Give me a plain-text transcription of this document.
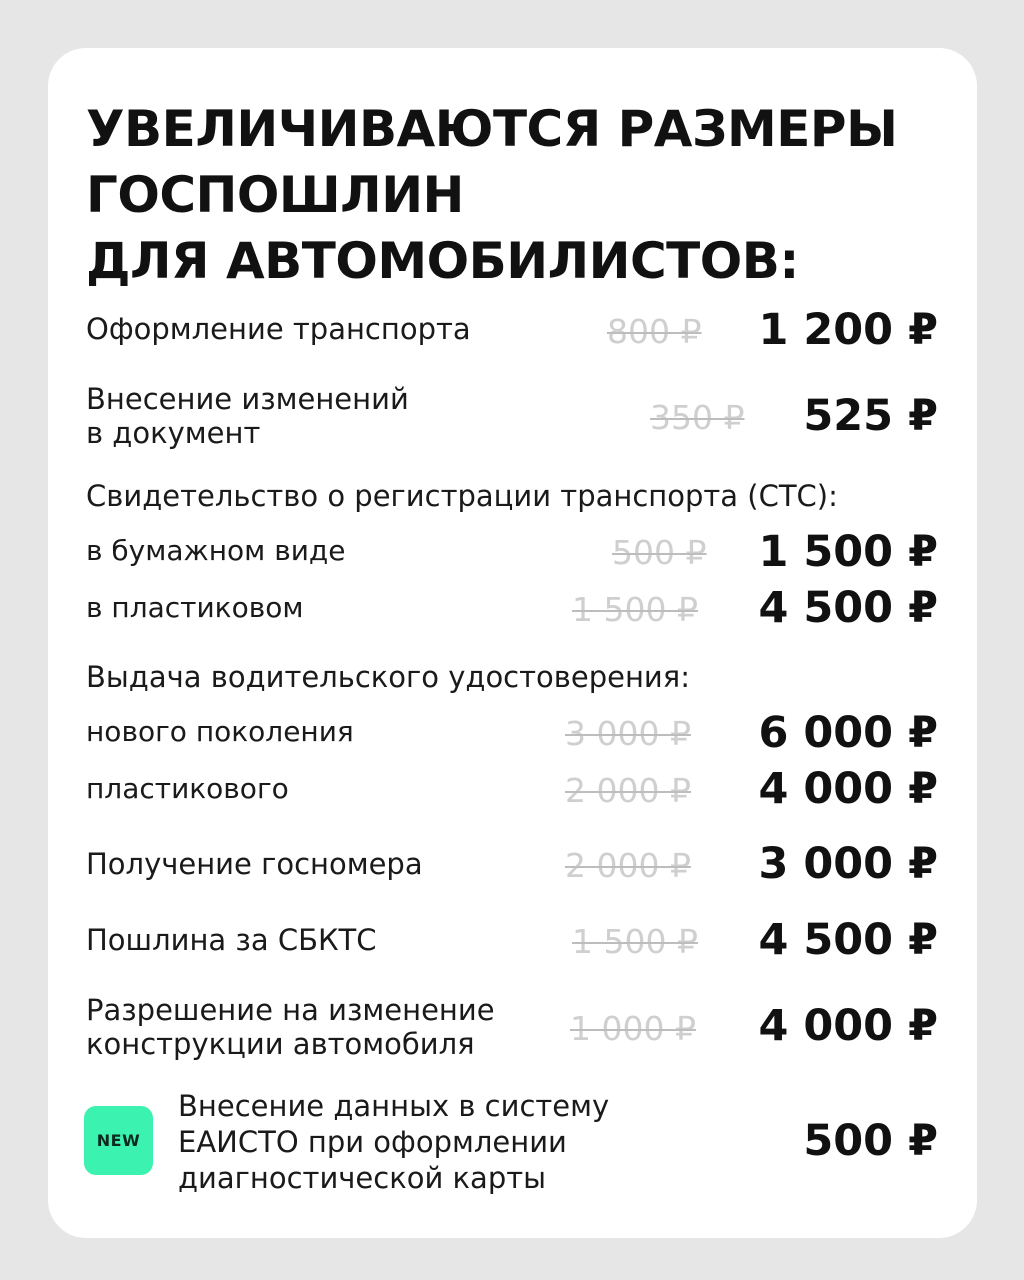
УВЕЛИЧИВАЮТСЯ РАЗМЕРЫ
ГОСПОШЛИН
ДЛЯ АВТОМОБИЛИСТОВ:
Оформление транспорта	800 ₽ 1 200 ₽
Внесение изменений
в документ	350 ₽ 525 ₽
Свидетельство о регистрации транспорта (СТС):
в бумажном виде	500 ₽ 1 500 ₽
в пластиковом	1 500 ₽ 4 500 ₽
Выдача водительского удостоверения:
нового поколения	3 000 ₽ 6 000 ₽
пластикового	2 000 ₽ 4 000 ₽
Получение госномера	2 000 ₽ 3 000 ₽
Пошлина за СБКТС	1 500 ₽ 4 500 ₽
Разрешение на изменение
конструкции автомобиля	1 000 ₽ 4 000 ₽
NEW
Внесение данных в систему
ЕАИСТО при оформлении
диагностической карты
500 ₽
